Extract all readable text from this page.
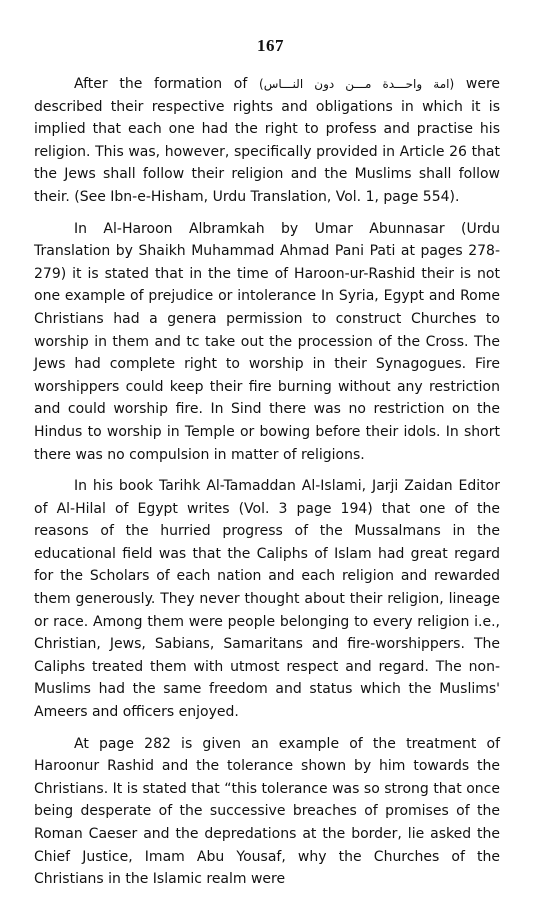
167

After the formation of (امة واحـــدة مـــن دون النـــاس) were described their respective rights and obligations in which it is implied that each one had the right to profess and practise his religion. This was, however, specifically provided in Article 26 that the Jews shall follow their religion and the Muslims shall follow their. (See Ibn-e-Hisham, Urdu Translation, Vol. 1, page 554).

In Al-Haroon Albramkah by Umar Abunnasar (Urdu Translation by Shaikh Muhammad Ahmad Pani Pati at pages 278-279) it is stated that in the time of Haroon-ur-Rashid their is not one example of prejudice or intolerance In Syria, Egypt and Rome Christians had a genera permission to construct Churches to worship in them and tc take out the procession of the Cross. The Jews had complete right to worship in their Synagogues. Fire worshippers could keep their fire burning without any restriction and could worship fire. In Sind there was no restriction on the Hindus to worship in Temple or bowing before their idols. In short there was no compulsion in matter of religions.

In his book Tarihk Al-Tamaddan Al-Islami, Jarji Zaidan Editor of Al-Hilal of Egypt writes (Vol. 3 page 194) that one of the reasons of the hurried progress of the Mussalmans in the educational field was that the Caliphs of Islam had great regard for the Scholars of each nation and each religion and rewarded them generously. They never thought about their religion, lineage or race. Among them were people belonging to every religion i.e., Christian, Jews, Sabians, Samaritans and fire-worshippers. The Caliphs treated them with utmost respect and regard. The non-Muslims had the same freedom and status which the Muslims' Ameers and officers enjoyed.

At page 282 is given an example of the treatment of Haroonur Rashid and the tolerance shown by him towards the Christians. It is stated that “this tolerance was so strong that once being desperate of the successive breaches of promises of the Roman Caeser and the depredations at the border, lie asked the Chief Justice, Imam Abu Yousaf, why the Churches of the Christians in the Islamic realm were
